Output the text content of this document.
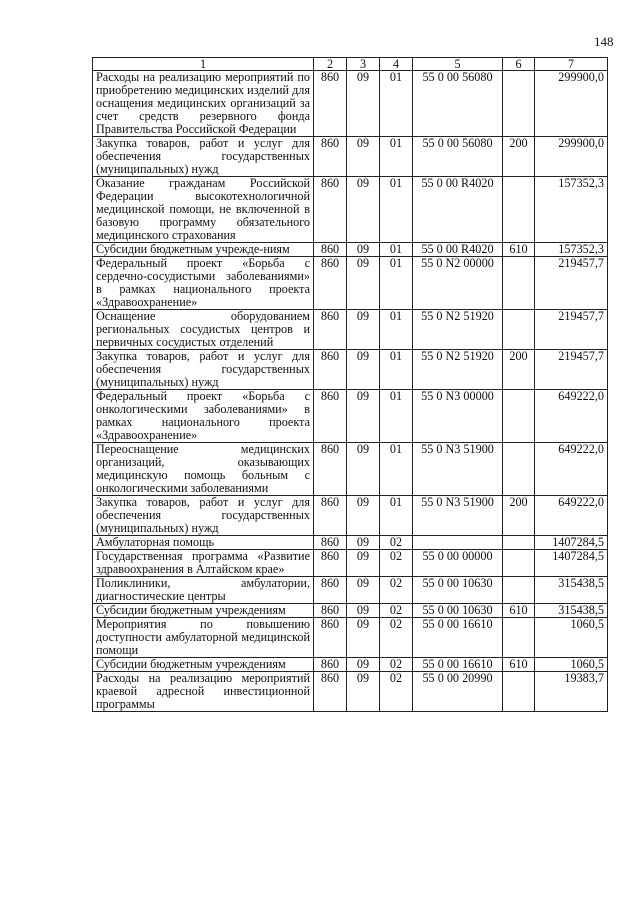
148
1	2	3	4	5	6	7
Расходы на реализацию мероприятий по приобретению медицинских изделий для оснащения медицинских организаций за счет средств резервного фонда Правительства Российской Федерации	860	09	01	55 0 00 56080		299900,0
Закупка товаров, работ и услуг для обеспечения государственных (муниципальных) нужд	860	09	01	55 0 00 56080	200	299900,0
Оказание гражданам Российской Федерации высокотехнологичной медицинской помощи, не включенной в базовую программу обязательного медицинского страхования	860	09	01	55 0 00 R4020		157352,3
Субсидии бюджетным учрежде-ниям	860	09	01	55 0 00 R4020	610	157352,3
Федеральный проект «Борьба с сердечно-сосудистыми заболеваниями» в рамках национального проекта «Здравоохранение»	860	09	01	55 0 N2 00000		219457,7
Оснащение оборудованием региональных сосудистых центров и первичных сосудистых отделений	860	09	01	55 0 N2 51920		219457,7
Закупка товаров, работ и услуг для обеспечения государственных (муниципальных) нужд	860	09	01	55 0 N2 51920	200	219457,7
Федеральный проект «Борьба с онкологическими заболеваниями» в рамках национального проекта «Здравоохранение»	860	09	01	55 0 N3 00000		649222,0
Переоснащение медицинских организаций, оказывающих медицинскую помощь больным с онкологическими заболеваниями	860	09	01	55 0 N3 51900		649222,0
Закупка товаров, работ и услуг для обеспечения государственных (муниципальных) нужд	860	09	01	55 0 N3 51900	200	649222,0
Амбулаторная помощь	860	09	02			1407284,5
Государственная программа «Развитие здравоохранения в Алтайском крае»	860	09	02	55 0 00 00000		1407284,5
Поликлиники, амбулатории, диагностические центры	860	09	02	55 0 00 10630		315438,5
Субсидии бюджетным учреждениям	860	09	02	55 0 00 10630	610	315438,5
Мероприятия по повышению доступности амбулаторной медицинской помощи	860	09	02	55 0 00 16610		1060,5
Субсидии бюджетным учреждениям	860	09	02	55 0 00 16610	610	1060,5
Расходы на реализацию мероприятий краевой адресной инвестиционной программы	860	09	02	55 0 00 20990		19383,7
